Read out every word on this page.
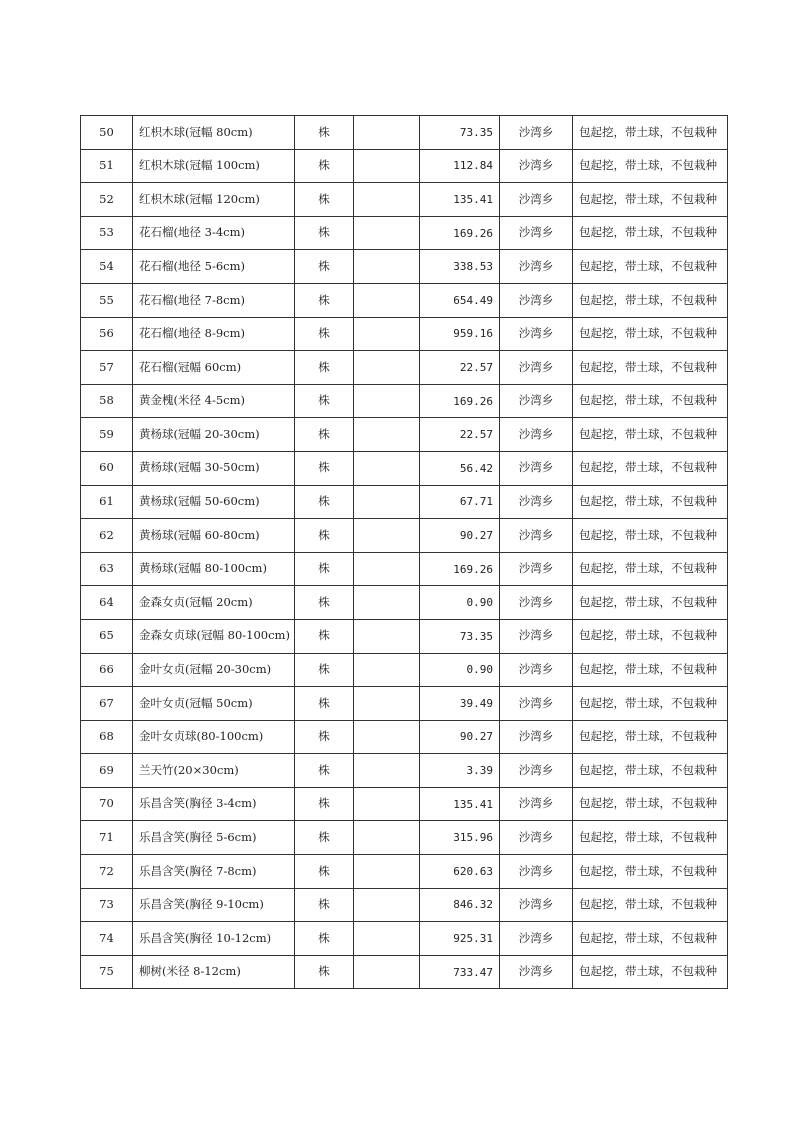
50	红枳木球(冠幅 80cm)	株		73.35	沙湾乡	包起挖，带土球，不包栽种
51	红枳木球(冠幅 100cm)	株		112.84	沙湾乡	包起挖，带土球，不包栽种
52	红枳木球(冠幅 120cm)	株		135.41	沙湾乡	包起挖，带土球，不包栽种
53	花石榴(地径 3-4cm)	株		169.26	沙湾乡	包起挖，带土球，不包栽种
54	花石榴(地径 5-6cm)	株		338.53	沙湾乡	包起挖，带土球，不包栽种
55	花石榴(地径 7-8cm)	株		654.49	沙湾乡	包起挖，带土球，不包栽种
56	花石榴(地径 8-9cm)	株		959.16	沙湾乡	包起挖，带土球，不包栽种
57	花石榴(冠幅 60cm)	株		22.57	沙湾乡	包起挖，带土球，不包栽种
58	黄金槐(米径 4-5cm)	株		169.26	沙湾乡	包起挖，带土球，不包栽种
59	黄杨球(冠幅 20-30cm)	株		22.57	沙湾乡	包起挖，带土球，不包栽种
60	黄杨球(冠幅 30-50cm)	株		56.42	沙湾乡	包起挖，带土球，不包栽种
61	黄杨球(冠幅 50-60cm)	株		67.71	沙湾乡	包起挖，带土球，不包栽种
62	黄杨球(冠幅 60-80cm)	株		90.27	沙湾乡	包起挖，带土球，不包栽种
63	黄杨球(冠幅 80-100cm)	株		169.26	沙湾乡	包起挖，带土球，不包栽种
64	金森女贞(冠幅 20cm)	株		0.90	沙湾乡	包起挖，带土球，不包栽种
65	金森女贞球(冠幅 80-100cm)	株		73.35	沙湾乡	包起挖，带土球，不包栽种
66	金叶女贞(冠幅 20-30cm)	株		0.90	沙湾乡	包起挖，带土球，不包栽种
67	金叶女贞(冠幅 50cm)	株		39.49	沙湾乡	包起挖，带土球，不包栽种
68	金叶女贞球(80-100cm)	株		90.27	沙湾乡	包起挖，带土球，不包栽种
69	兰天竹(20×30cm)	株		3.39	沙湾乡	包起挖，带土球，不包栽种
70	乐昌含笑(胸径 3-4cm)	株		135.41	沙湾乡	包起挖，带土球，不包栽种
71	乐昌含笑(胸径 5-6cm)	株		315.96	沙湾乡	包起挖，带土球，不包栽种
72	乐昌含笑(胸径 7-8cm)	株		620.63	沙湾乡	包起挖，带土球，不包栽种
73	乐昌含笑(胸径 9-10cm)	株		846.32	沙湾乡	包起挖，带土球，不包栽种
74	乐昌含笑(胸径 10-12cm)	株		925.31	沙湾乡	包起挖，带土球，不包栽种
75	柳树(米径 8-12cm)	株		733.47	沙湾乡	包起挖，带土球，不包栽种
